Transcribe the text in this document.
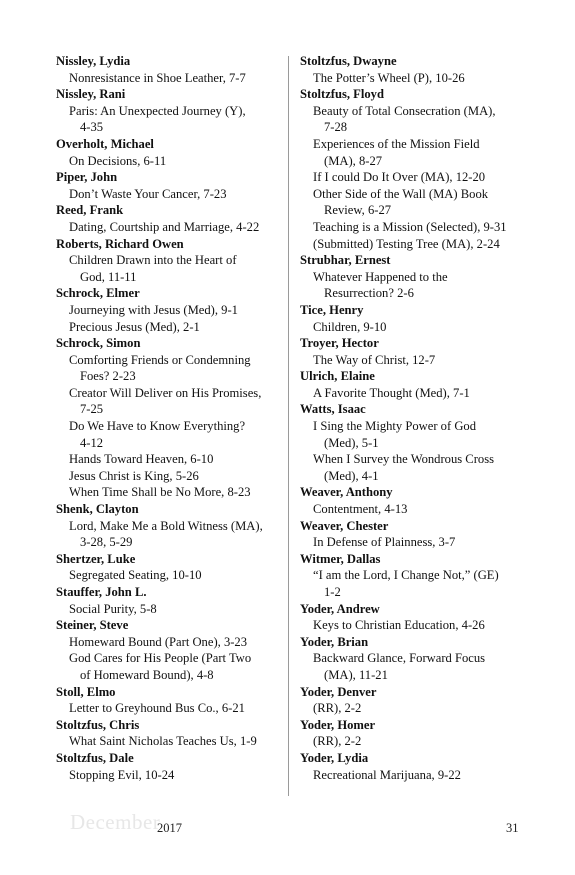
Nissley, Lydia
Nonresistance in Shoe Leather, 7-7
Nissley, Rani
Paris: An Unexpected Journey (Y),
4-35
Overholt, Michael
On Decisions, 6-11
Piper, John
Don’t Waste Your Cancer, 7-23
Reed, Frank
Dating, Courtship and Marriage, 4-22
Roberts, Richard Owen
Children Drawn into the Heart of
God, 11-11
Schrock, Elmer
Journeying with Jesus (Med), 9-1
Precious Jesus (Med), 2-1
Schrock, Simon
Comforting Friends or Condemning
Foes? 2-23
Creator Will Deliver on His Promises,
7-25
Do We Have to Know Everything?
4-12
Hands Toward Heaven, 6-10
Jesus Christ is King, 5-26
When Time Shall be No More, 8-23
Shenk, Clayton
Lord, Make Me a Bold Witness (MA),
3-28, 5-29
Shertzer, Luke
Segregated Seating, 10-10
Stauffer, John L.
Social Purity, 5-8
Steiner, Steve
Homeward Bound (Part One), 3-23
God Cares for His People (Part Two
of Homeward Bound), 4-8
Stoll, Elmo
Letter to Greyhound Bus Co., 6-21
Stoltzfus, Chris
What Saint Nicholas Teaches Us, 1-9
Stoltzfus, Dale
Stopping Evil, 10-24
Stoltzfus, Dwayne
The Potter’s Wheel (P), 10-26
Stoltzfus, Floyd
Beauty of Total Consecration (MA),
7-28
Experiences of the Mission Field
(MA), 8-27
If I could Do It Over (MA), 12-20
Other Side of the Wall (MA) Book
Review, 6-27
Teaching is a Mission (Selected), 9-31
(Submitted) Testing Tree (MA), 2-24
Strubhar, Ernest
Whatever Happened to the
Resurrection? 2-6
Tice, Henry
Children, 9-10
Troyer, Hector
The Way of Christ, 12-7
Ulrich, Elaine
A Favorite Thought (Med), 7-1
Watts, Isaac
I Sing the Mighty Power of God
(Med), 5-1
When I Survey the Wondrous Cross
(Med), 4-1
Weaver, Anthony
Contentment, 4-13
Weaver, Chester
In Defense of Plainness, 3-7
Witmer, Dallas
“I am the Lord, I Change Not,” (GE)
1-2
Yoder, Andrew
Keys to Christian Education, 4-26
Yoder, Brian
Backward Glance, Forward Focus
(MA), 11-21
Yoder, Denver
(RR), 2-2
Yoder, Homer
(RR), 2-2
Yoder, Lydia
Recreational Marijuana, 9-22
December
2017	31
